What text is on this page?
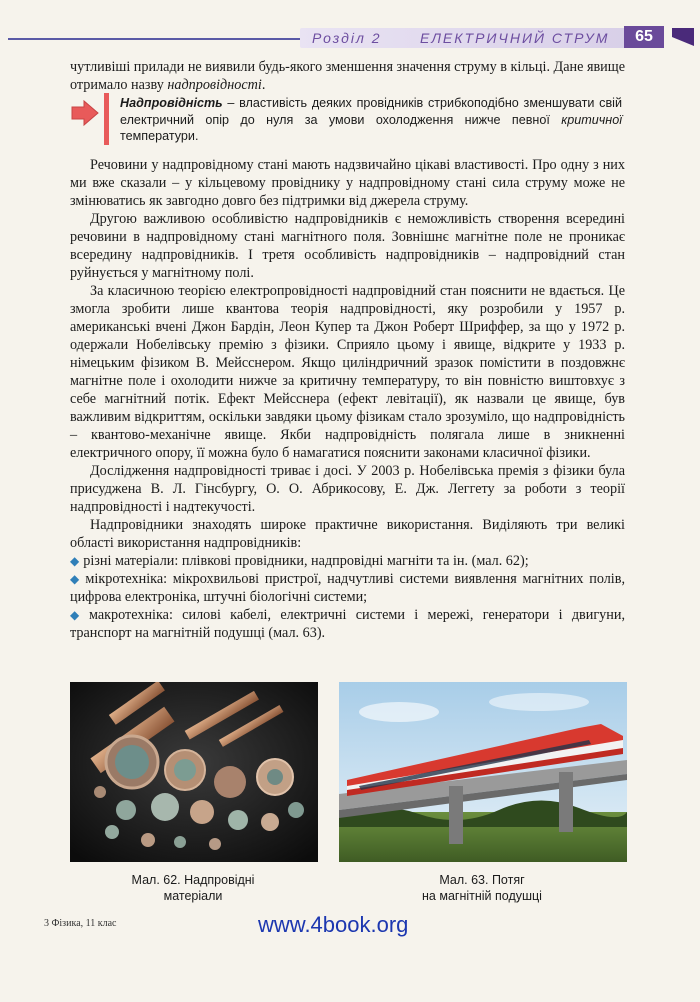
Розділ 2	ЕЛЕКТРИЧНИЙ СТРУМ	65

чутливіші прилади не виявили будь-якого зменшення значення струму в кільці. Дане явище отримало назву надпровідності.

Надпровідність – властивість деяких провідників стрибкоподібно зменшувати свій електричний опір до нуля за умови охолодження нижче певної критичної температури.

Речовини у надпровідному стані мають надзвичайно цікаві властивості. Про одну з них ми вже сказали – у кільцевому провіднику у надпровідному стані сила струму може не змінюватись як завгодно довго без підтримки від джерела струму.

Другою важливою особливістю надпровідників є неможливість створення всередині речовини в надпровідному стані магнітного поля. Зовнішнє магнітне поле не проникає всередину надпровідників. І третя особливість надпровідників – надпровідний стан руйнується у магнітному полі.

За класичною теорією електропровідності надпровідний стан пояснити не вдається. Це змогла зробити лише квантова теорія надпровідності, яку розробили у 1957 р. американські вчені Джон Бардін, Леон Купер та Джон Роберт Шриффер, за що у 1972 р. одержали Нобелівську премію з фізики. Сприяло цьому і явище, відкрите у 1933 р. німецьким фізиком В. Мейсснером. Якщо циліндричний зразок помістити в поздовжнє магнітне поле і охолодити нижче за критичну температуру, то він повністю виштовхує з себе магнітний потік. Ефект Мейсснера (ефект левітації), як назвали це явище, був важливим відкриттям, оскільки завдяки цьому фізикам стало зрозуміло, що надпровідність – квантово-механічне явище. Якби надпровідність полягала лише в зникненні електричного опору, її можна було б намагатися пояснити законами класичної фізики.

Дослідження надпровідності триває і досі. У 2003 р. Нобелівська премія з фізики була присуджена В. Л. Гінсбургу, О. О. Абрикосову, Е. Дж. Леггету за роботи з теорії надпровідності і надтекучості.

Надпровідники знаходять широке практичне використання. Виділяють три великі області використання надпровідників:

◆ різні матеріали: плівкові провідники, надпровідні магніти та ін. (мал. 62);

◆ мікротехніка: мікрохвильові пристрої, надчутливі системи виявлення магнітних полів, цифрова електроніка, штучні біологічні системи;

◆ макротехніка: силові кабелі, електричні системи і мережі, генератори і двигуни, транспорт на магнітній подушці (мал. 63).

Мал. 62. Надпровідні
матеріали
Мал. 63. Потяг
на магнітній подушці
3 Фізика, 11 клас	www.4book.org
